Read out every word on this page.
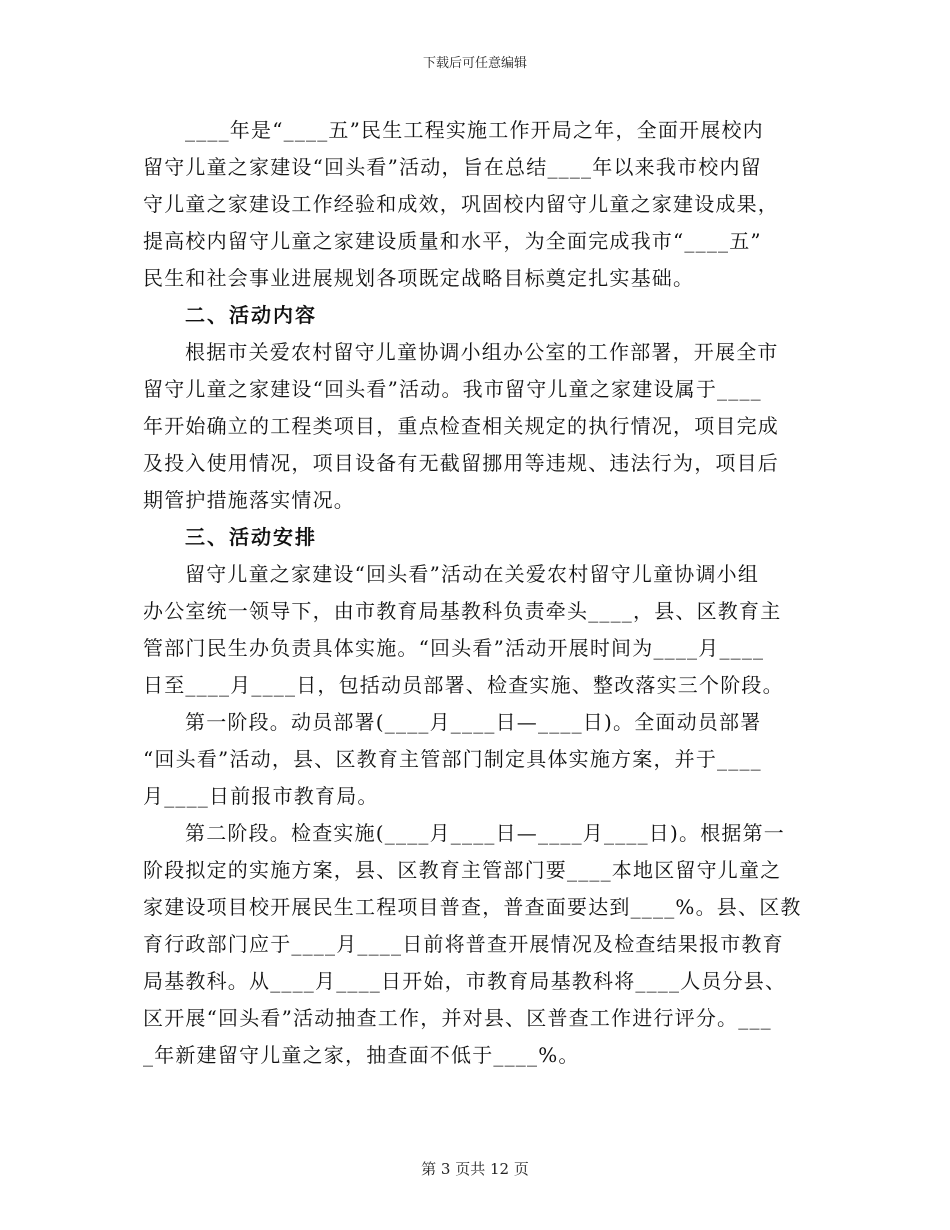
下载后可任意编辑
____年是“____五”民生工程实施工作开局之年，全面开展校内
留守儿童之家建设“回头看”活动，旨在总结____年以来我市校内留
守儿童之家建设工作经验和成效，巩固校内留守儿童之家建设成果，
提高校内留守儿童之家建设质量和水平，为全面完成我市“____五”
民生和社会事业进展规划各项既定战略目标奠定扎实基础。
二、活动内容
根据市关爱农村留守儿童协调小组办公室的工作部署，开展全市
留守儿童之家建设“回头看”活动。我市留守儿童之家建设属于____
年开始确立的工程类项目，重点检查相关规定的执行情况，项目完成
及投入使用情况，项目设备有无截留挪用等违规、违法行为，项目后
期管护措施落实情况。
三、活动安排
留守儿童之家建设“回头看”活动在关爱农村留守儿童协调小组
办公室统一领导下，由市教育局基教科负责牵头____，县、区教育主
管部门民生办负责具体实施。“回头看”活动开展时间为____月____
日至____月____日，包括动员部署、检查实施、整改落实三个阶段。
第一阶段。动员部署(____月____日—____日)。全面动员部署
“回头看”活动，县、区教育主管部门制定具体实施方案，并于____
月____日前报市教育局。
第二阶段。检查实施(____月____日—____月____日)。根据第一
阶段拟定的实施方案，县、区教育主管部门要____本地区留守儿童之
家建设项目校开展民生工程项目普查，普查面要达到____%。县、区教
育行政部门应于____月____日前将普查开展情况及检查结果报市教育
局基教科。从____月____日开始，市教育局基教科将____人员分县、
区开展“回头看”活动抽查工作，并对县、区普查工作进行评分。___
_年新建留守儿童之家，抽查面不低于____%。
第 3 页共 12 页
